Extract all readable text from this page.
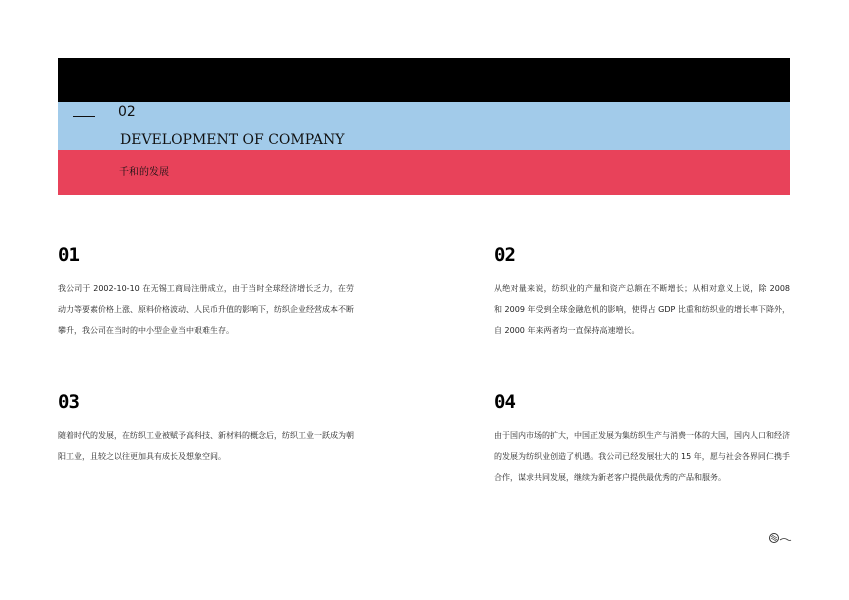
02
DEVELOPMENT OF COMPANY
千和的发展
01
我公司于 2002-10-10 在无锡工商局注册成立，由于当时全球经济增长乏力，在劳动力等要素价格上涨、原料价格波动、人民币升值的影响下，纺织企业经营成本不断攀升，我公司在当时的中小型企业当中艰难生存。
02
从绝对量来说，纺织业的产量和资产总额在不断增长；从相对意义上说，除 2008 和 2009 年受到全球金融危机的影响，使得占 GDP 比重和纺织业的增长率下降外，自 2000 年来两者均一直保持高速增长。
03
随着时代的发展，在纺织工业被赋予高科技、新材料的概念后，纺织工业一跃成为朝阳工业，且较之以往更加具有成长及想象空间。
04
由于国内市场的扩大，中国正发展为集纺织生产与消费一体的大国，国内人口和经济的发展为纺织业创造了机遇。我公司已经发展壮大的 15 年，愿与社会各界同仁携手合作，谋求共同发展，继续为新老客户提供最优秀的产品和服务。
